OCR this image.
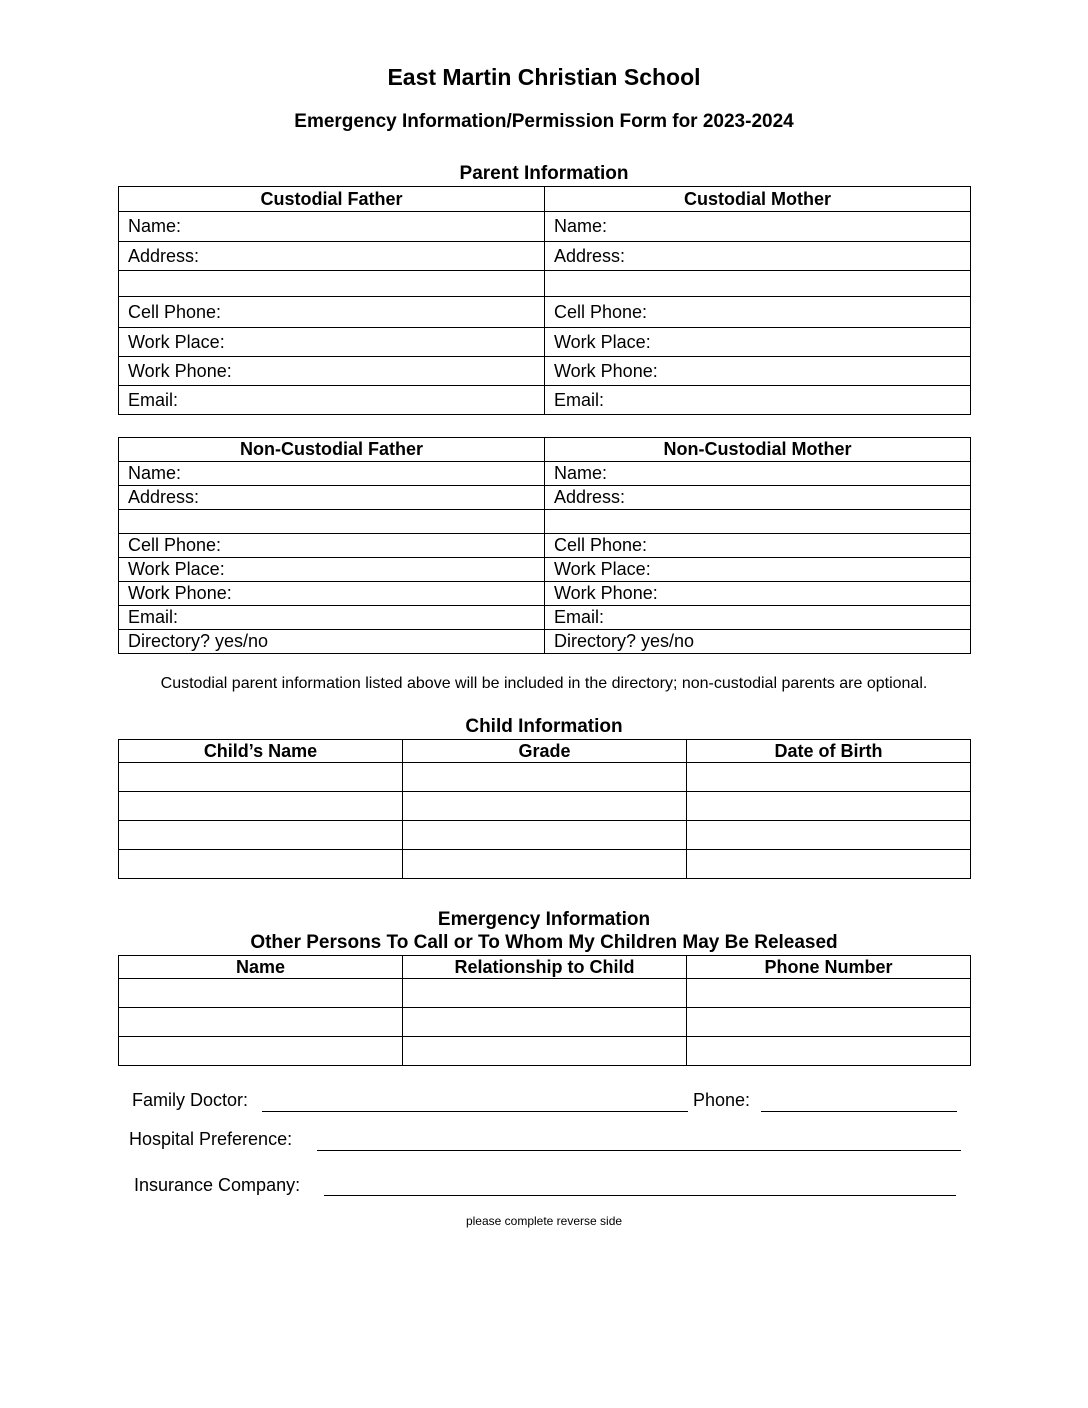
East Martin Christian School
Emergency Information/Permission Form for 2023-2024
Parent Information
Custodial Father	Custodial Mother
Name:	Name:
Address:	Address:

Cell Phone:	Cell Phone:
Work Place:	Work Place:
Work Phone:	Work Phone:
Email:	Email:
Non-Custodial Father	Non-Custodial Mother
Name:	Name:
Address:	Address:

Cell Phone:	Cell Phone:
Work Place:	Work Place:
Work Phone:	Work Phone:
Email:	Email:
Directory? yes/no	Directory? yes/no
Custodial parent information listed above will be included in the directory; non-custodial parents are optional.
Child Information
Child’s Name	Grade	Date of Birth

Emergency Information
Other Persons To Call or To Whom My Children May Be Released
Name	Relationship to Child	Phone Number

Family Doctor:	Phone:
Hospital Preference:
Insurance Company:
please complete reverse side
